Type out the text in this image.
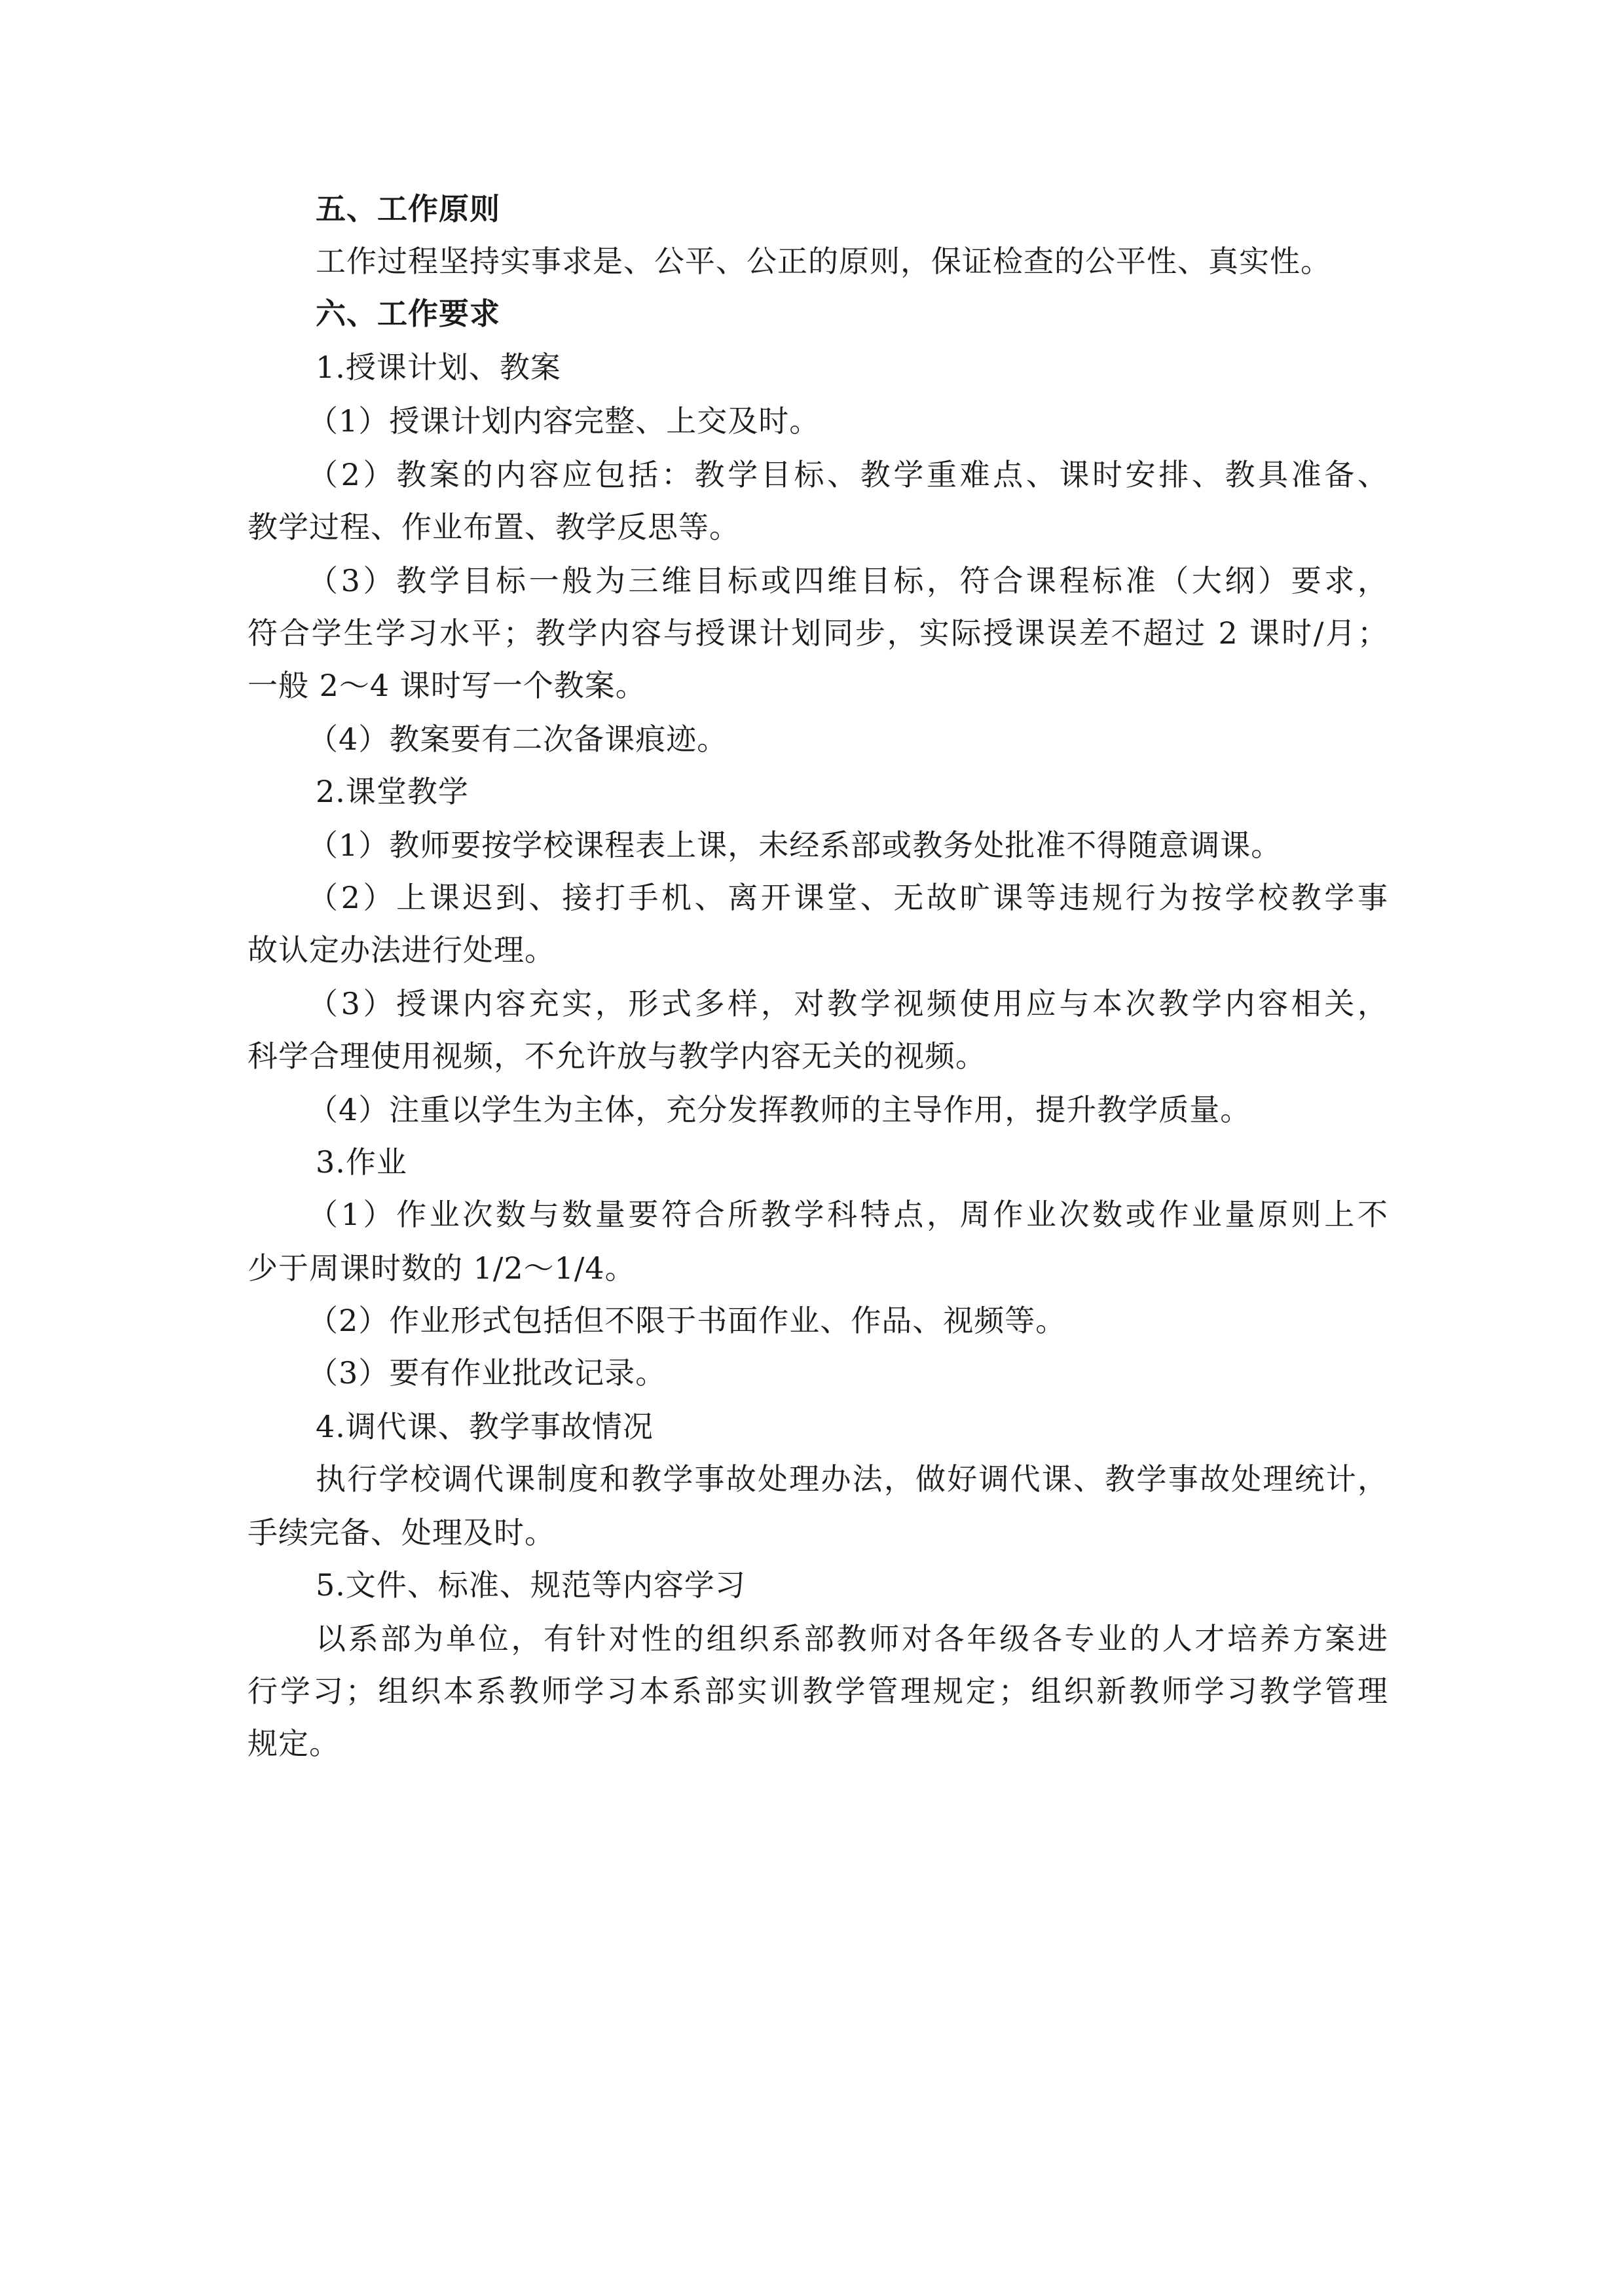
五、工作原则
工作过程坚持实事求是、公平、公正的原则，保证检查的公平性、真实性。
六、工作要求
1.授课计划、教案
（1）授课计划内容完整、上交及时。
（2）教案的内容应包括：教学目标、教学重难点、课时安排、教具准备、
教学过程、作业布置、教学反思等。
（3）教学目标一般为三维目标或四维目标，符合课程标准（大纲）要求，
符合学生学习水平；教学内容与授课计划同步，实际授课误差不超过 2 课时/月；
一般 2～4 课时写一个教案。
（4）教案要有二次备课痕迹。
2.课堂教学
（1）教师要按学校课程表上课，未经系部或教务处批准不得随意调课。
（2）上课迟到、接打手机、离开课堂、无故旷课等违规行为按学校教学事
故认定办法进行处理。
（3）授课内容充实，形式多样，对教学视频使用应与本次教学内容相关，
科学合理使用视频，不允许放与教学内容无关的视频。
（4）注重以学生为主体，充分发挥教师的主导作用，提升教学质量。
3.作业
（1）作业次数与数量要符合所教学科特点，周作业次数或作业量原则上不
少于周课时数的 1/2～1/4。
（2）作业形式包括但不限于书面作业、作品、视频等。
（3）要有作业批改记录。
4.调代课、教学事故情况
执行学校调代课制度和教学事故处理办法，做好调代课、教学事故处理统计，
手续完备、处理及时。
5.文件、标准、规范等内容学习
以系部为单位，有针对性的组织系部教师对各年级各专业的人才培养方案进
行学习；组织本系教师学习本系部实训教学管理规定；组织新教师学习教学管理
规定。
